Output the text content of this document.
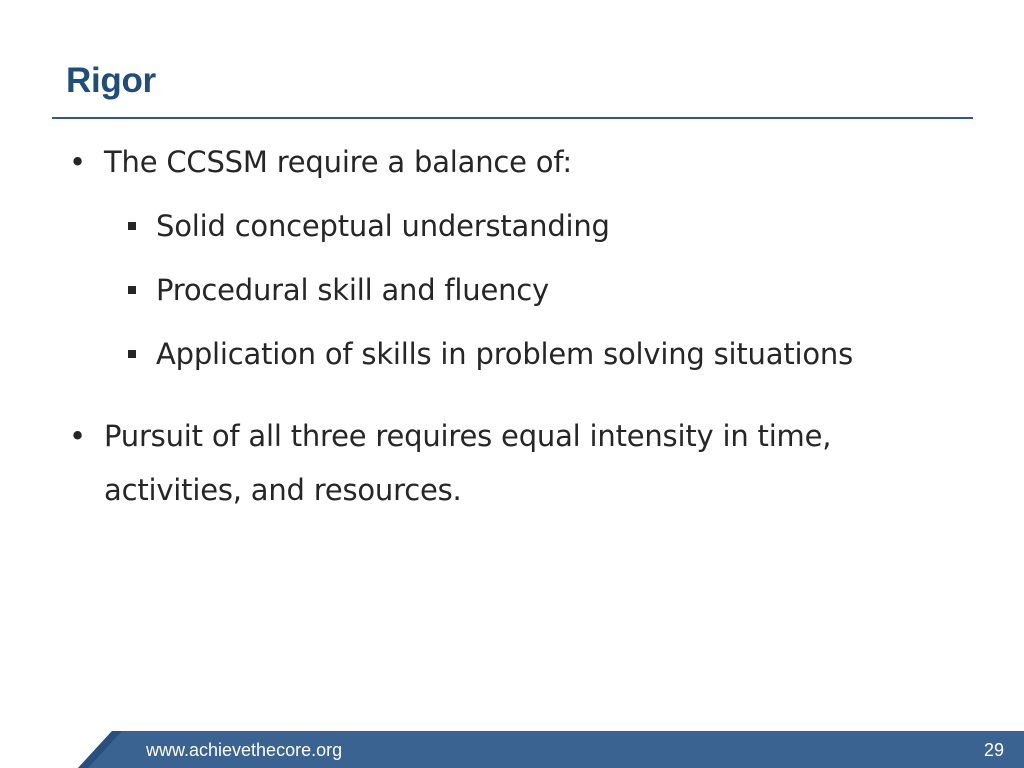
Rigor
• The CCSSM require a balance of:
Solid conceptual understanding
Procedural skill and fluency
Application of skills in problem solving situations
• Pursuit of all three requires equal intensity in time, activities, and resources.
www.achievethecore.org	29
